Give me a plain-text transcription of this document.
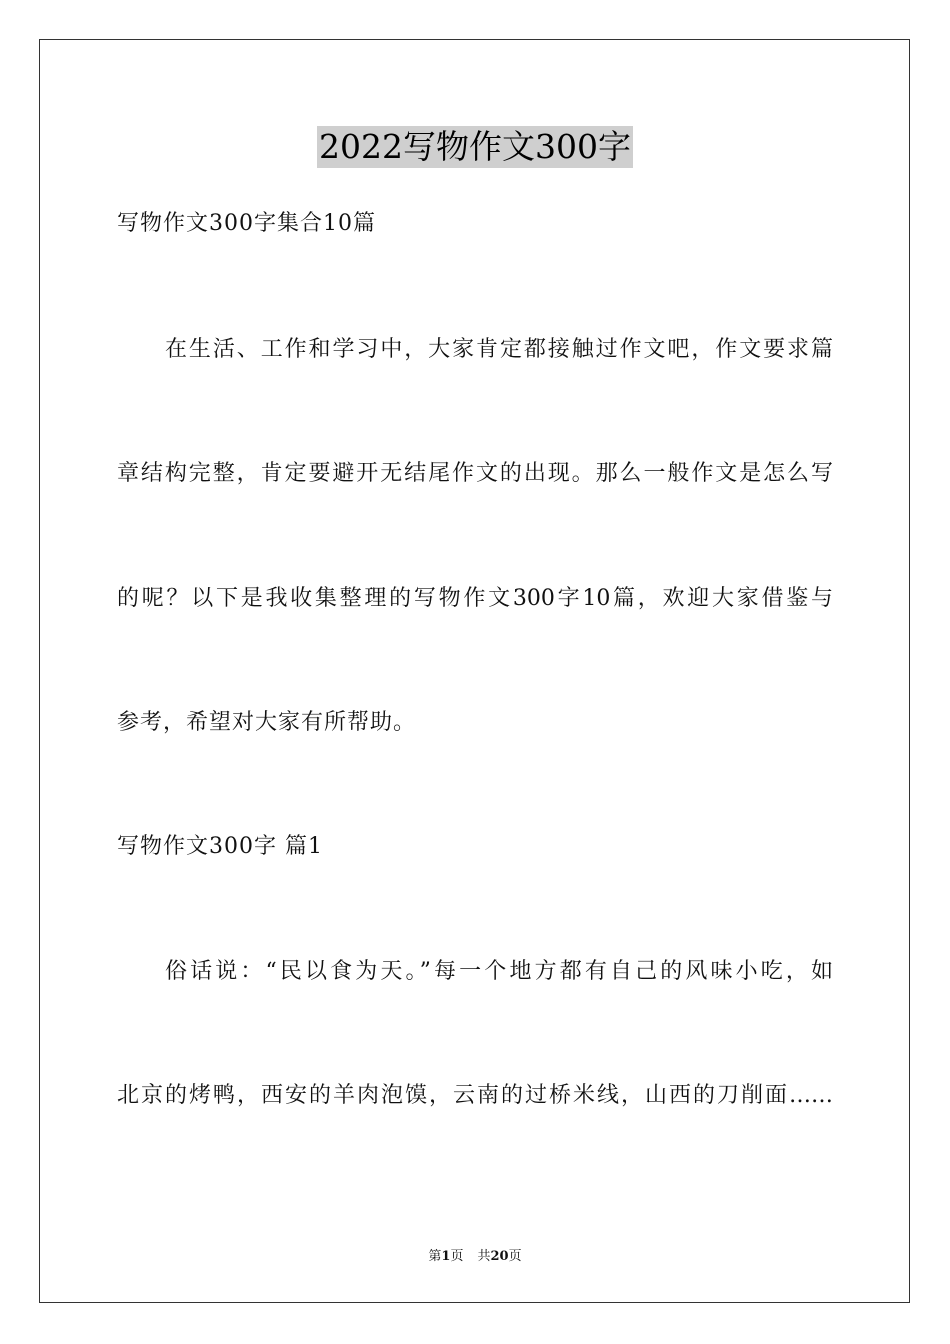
2022写物作文300字
写物作文300字集合10篇
在生活、工作和学习中，大家肯定都接触过作文吧，作文要求篇
章结构完整，肯定要避开无结尾作文的出现。那么一般作文是怎么写
的呢？以下是我收集整理的写物作文300字10篇，欢迎大家借鉴与
参考，希望对大家有所帮助。
写物作文300字 篇1
俗话说：“民以食为天。”每一个地方都有自己的风味小吃，如
北京的烤鸭，西安的羊肉泡馍，云南的过桥米线，山西的刀削面……
第1页 共20页
